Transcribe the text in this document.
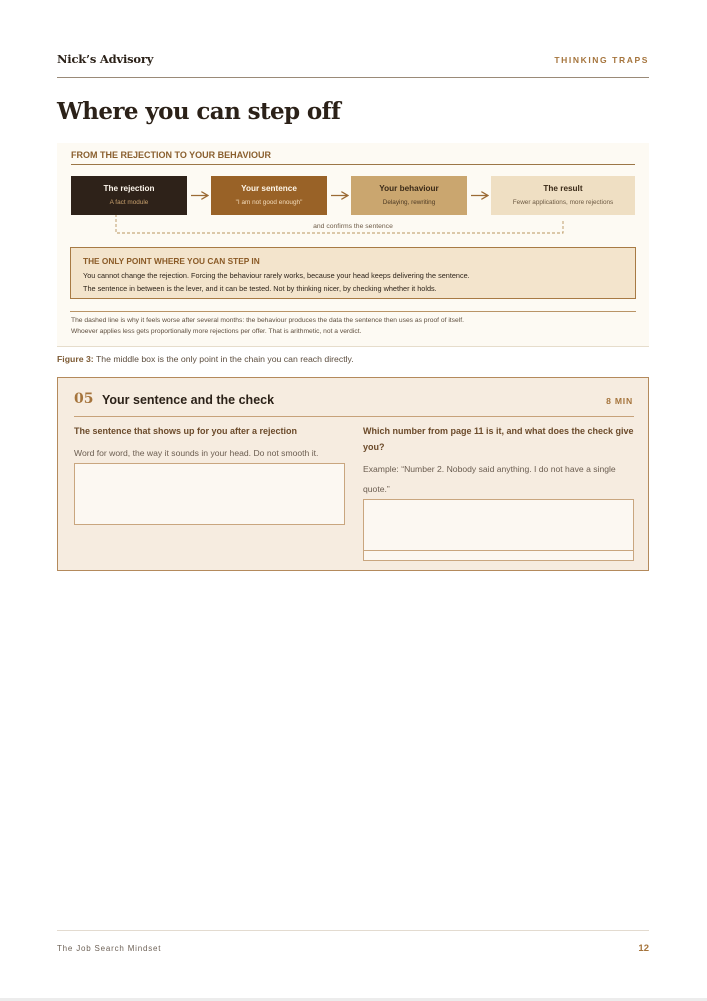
Nick’s Advisory	THINKING TRAPS
Where you can step off
FROM THE REJECTION TO YOUR BEHAVIOUR
The rejection
A fact module
Your sentence
"I am not good enough"
Your behaviour
Delaying, rewriting
The result
Fewer applications, more rejections
and confirms the sentence
THE ONLY POINT WHERE YOU CAN STEP IN
You cannot change the rejection. Forcing the behaviour rarely works, because your head keeps delivering the sentence.
The sentence in between is the lever, and it can be tested. Not by thinking nicer, by checking whether it holds.
The dashed line is why it feels worse after several months: the behaviour produces the data the sentence then uses as proof of itself.
Whoever applies less gets proportionally more rejections per offer. That is arithmetic, not a verdict.
Figure 3: The middle box is the only point in the chain you can reach directly.
05 Your sentence and the check	8 MIN
The sentence that shows up for you after a rejection
Word for word, the way it sounds in your head. Do not smooth it.
Which number from page 11 is it, and what does the check give you?
Example: “Number 2. Nobody said anything. I do not have a single quote.”
The Job Search Mindset	12
